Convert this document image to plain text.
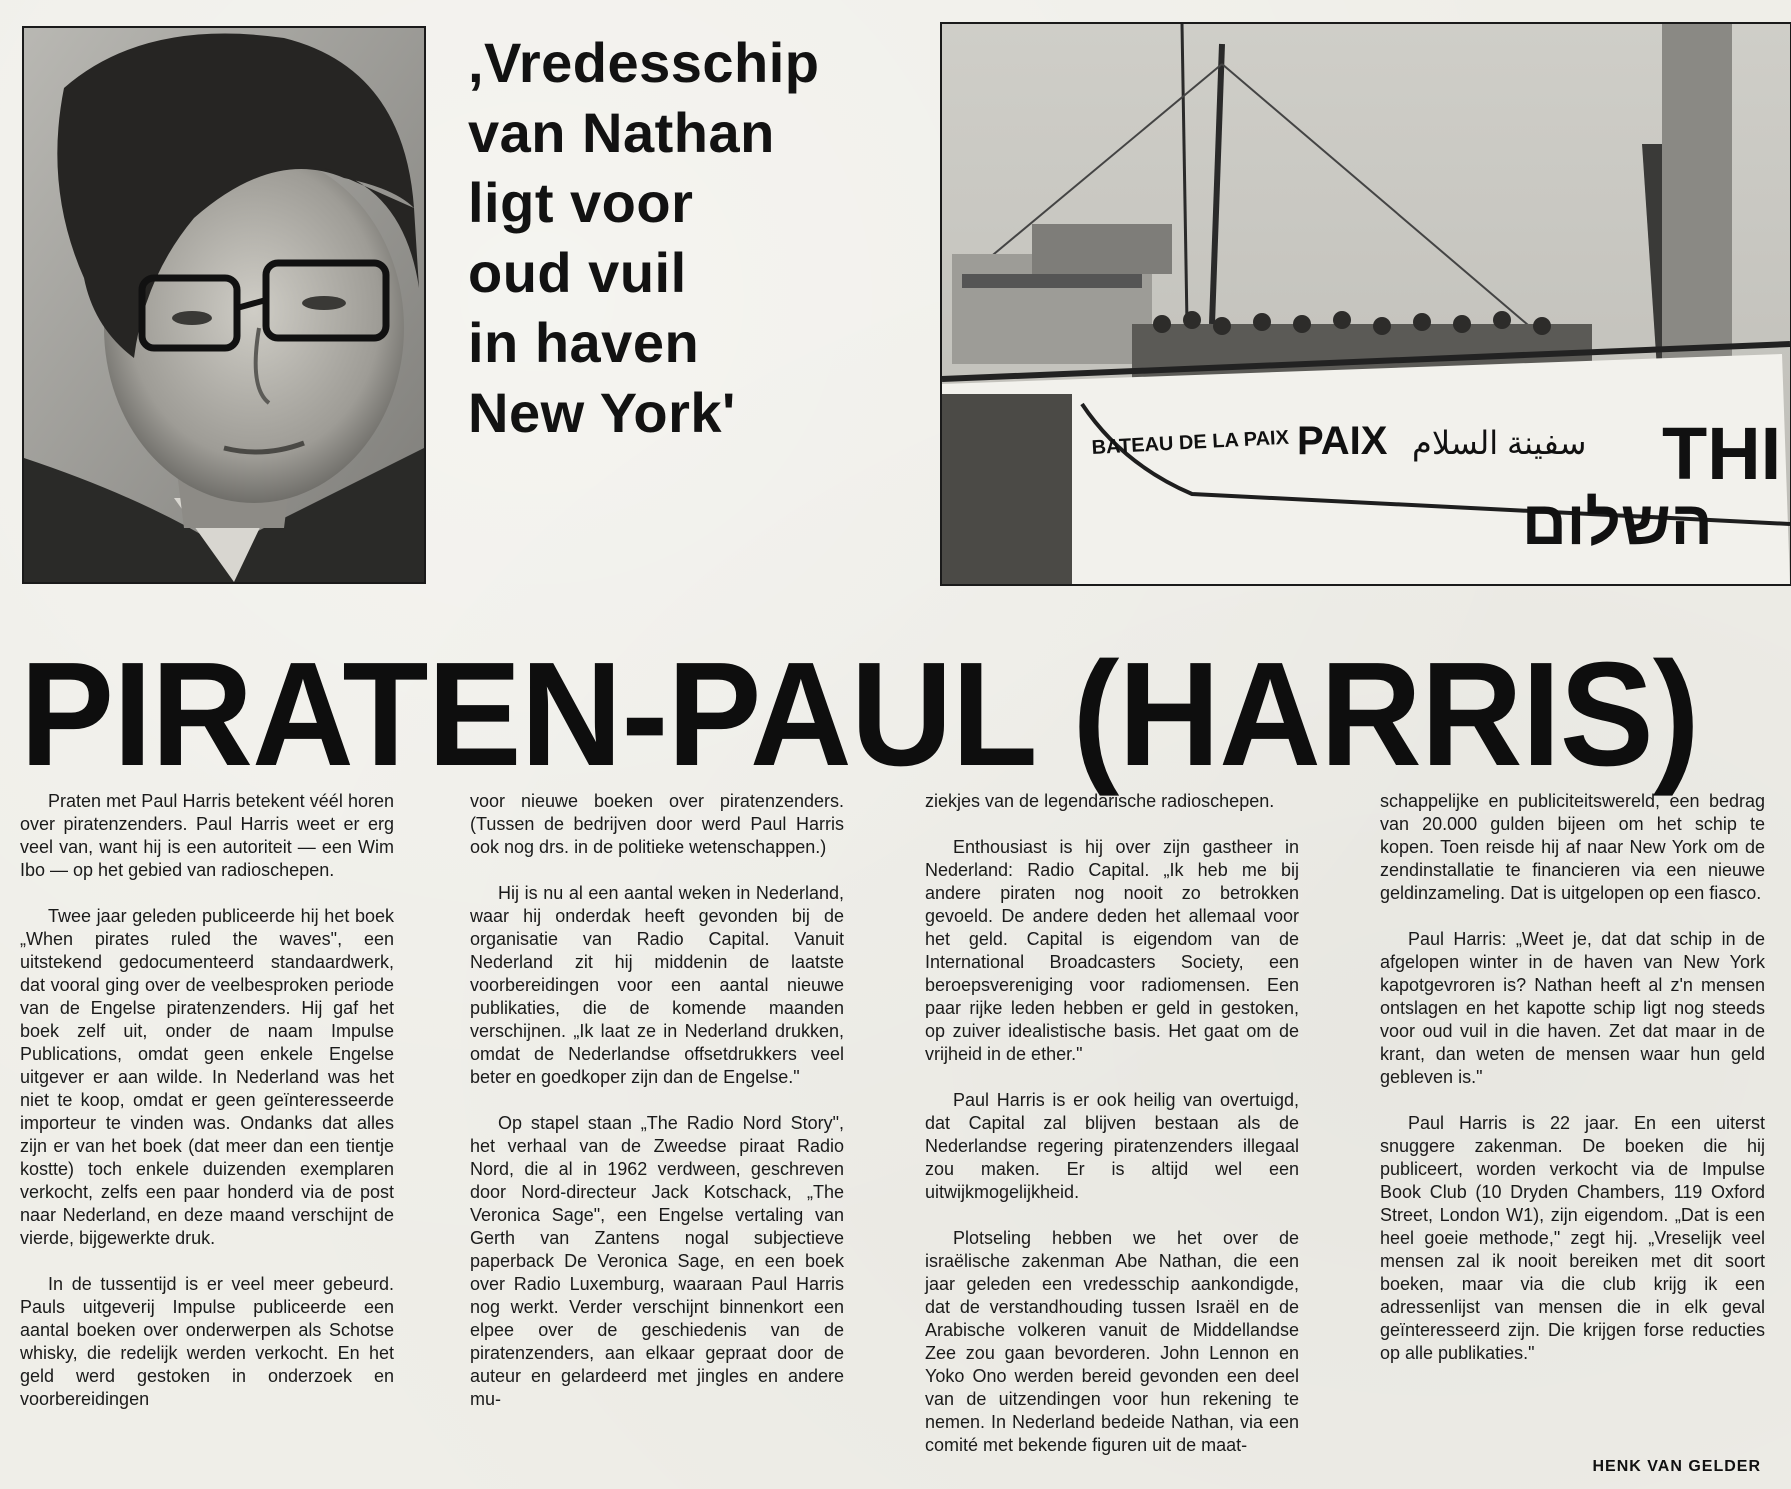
,Vredesschip
van Nathan
ligt voor
oud vuil
in haven
New York'	BATEAU DE LA PAIX PAIX سفينة السلام
השלום
THI
PIRATEN-PAUL (HARRIS)

Praten met Paul Harris betekent véél horen over piratenzenders. Paul Harris weet er erg veel van, want hij is een autoriteit — een Wim Ibo — op het gebied van radioschepen.

Twee jaar geleden publiceerde hij het boek „When pirates ruled the waves", een uitstekend gedocumenteerd standaardwerk, dat vooral ging over de veelbesproken periode van de Engelse piratenzenders. Hij gaf het boek zelf uit, onder de naam Impulse Publications, omdat geen enkele Engelse uitgever er aan wilde. In Nederland was het niet te koop, omdat er geen geïnteresseerde importeur te vinden was. Ondanks dat alles zijn er van het boek (dat meer dan een tientje kostte) toch enkele duizenden exemplaren verkocht, zelfs een paar honderd via de post naar Nederland, en deze maand verschijnt de vierde, bijgewerkte druk.

In de tussentijd is er veel meer gebeurd. Pauls uitgeverij Impulse publiceerde een aantal boeken over onderwerpen als Schotse whisky, die redelijk werden verkocht. En het geld werd gestoken in onderzoek en voorbereidingen

voor nieuwe boeken over piratenzenders. (Tussen de bedrijven door werd Paul Harris ook nog drs. in de politieke wetenschappen.)

Hij is nu al een aantal weken in Nederland, waar hij onderdak heeft gevonden bij de organisatie van Radio Capital. Vanuit Nederland zit hij middenin de laatste voorbereidingen voor een aantal nieuwe publikaties, die de komende maanden verschijnen. „Ik laat ze in Nederland drukken, omdat de Nederlandse offsetdrukkers veel beter en goedkoper zijn dan de Engelse."

Op stapel staan „The Radio Nord Story", het verhaal van de Zweedse piraat Radio Nord, die al in 1962 verdween, geschreven door Nord-directeur Jack Kotschack, „The Veronica Sage", een Engelse vertaling van Gerth van Zantens nogal subjectieve paperback De Veronica Sage, en een boek over Radio Luxemburg, waaraan Paul Harris nog werkt. Verder verschijnt binnenkort een elpee over de geschiedenis van de piratenzenders, aan elkaar gepraat door de auteur en gelardeerd met jingles en andere mu-

ziekjes van de legendarische radioschepen.

Enthousiast is hij over zijn gastheer in Nederland: Radio Capital. „Ik heb me bij andere piraten nog nooit zo betrokken gevoeld. De andere deden het allemaal voor het geld. Capital is eigendom van de International Broadcasters Society, een beroepsvereniging voor radiomensen. Een paar rijke leden hebben er geld in gestoken, op zuiver idealistische basis. Het gaat om de vrijheid in de ether."

Paul Harris is er ook heilig van overtuigd, dat Capital zal blijven bestaan als de Nederlandse regering piratenzenders illegaal zou maken. Er is altijd wel een uitwijkmogelijkheid.

Plotseling hebben we het over de israëlische zakenman Abe Nathan, die een jaar geleden een vredesschip aankondigde, dat de verstandhouding tussen Israël en de Arabische volkeren vanuit de Middellandse Zee zou gaan bevorderen. John Lennon en Yoko Ono werden bereid gevonden een deel van de uitzendingen voor hun rekening te nemen. In Nederland bedeide Nathan, via een comité met bekende figuren uit de maat-

schappelijke en publiciteitswereld, een bedrag van 20.000 gulden bijeen om het schip te kopen. Toen reisde hij af naar New York om de zendinstallatie te financieren via een nieuwe geldinzameling. Dat is uitgelopen op een fiasco.

Paul Harris: „Weet je, dat dat schip in de afgelopen winter in de haven van New York kapotgevroren is? Nathan heeft al z'n mensen ontslagen en het kapotte schip ligt nog steeds voor oud vuil in die haven. Zet dat maar in de krant, dan weten de mensen waar hun geld gebleven is."

Paul Harris is 22 jaar. En een uiterst snuggere zakenman. De boeken die hij publiceert, worden verkocht via de Impulse Book Club (10 Dryden Chambers, 119 Oxford Street, London W1), zijn eigendom. „Dat is een heel goeie methode," zegt hij. „Vreselijk veel mensen zal ik nooit bereiken met dit soort boeken, maar via die club krijg ik een adressenlijst van mensen die in elk geval geïnteresseerd zijn. Die krijgen forse reducties op alle publikaties."

HENK VAN GELDER
